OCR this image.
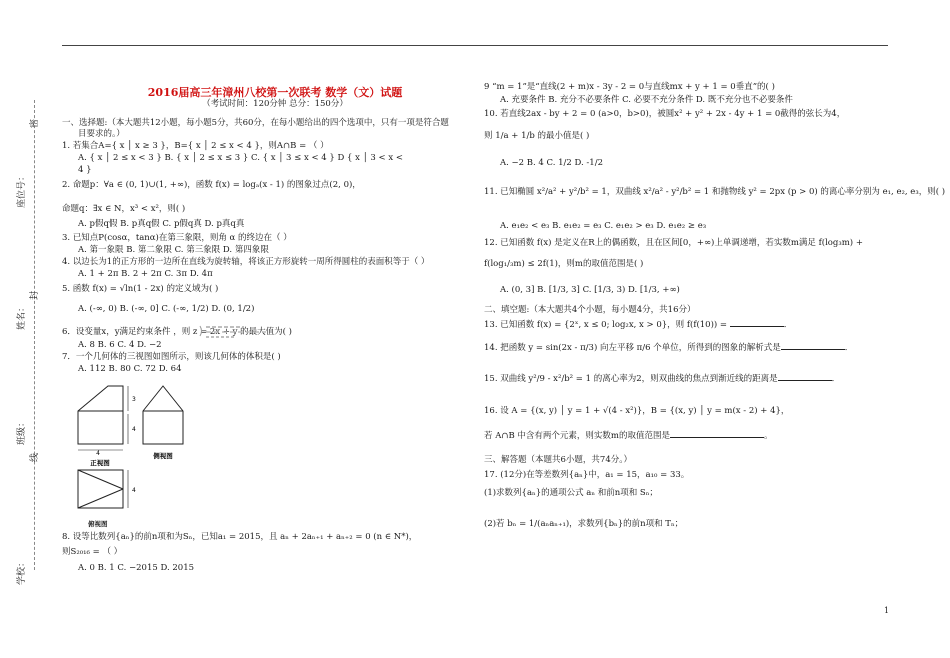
座位号：
姓名：
班级：
学校：
密
封
线
2016届高三年漳州八校第一次联考 数学（文）试题
（考试时间：120分钟 总分：150分）
一、选择题:（本大题共12小题，每小题5分，共60分，在每小题给出的四个选项中，只有一项是符合题
目要求的。）
1. 若集合A={ x │ x ≥ 3 }，B={ x │ 2 ≤ x < 4 }，则A∩B = （ ）
A. { x │ 2 ≤ x < 3 } B. { x │ 2 ≤ x ≤ 3 } C. { x │ 3 ≤ x < 4 } D { x │ 3 < x <
4 }
2. 命题p：∀a ∈ (0, 1)∪(1, +∞)，函数 f(x) = logₐ(x - 1) 的图象过点(2, 0)，
命题q：∃x ∈ N，x³ < x²，则( )
A. p假q假 B. p真q假 C. p假q真 D. p真q真
3. 已知点P(cosα，tanα)在第三象限，则角 α 的终边在（ ）
A. 第一象限 B. 第二象限 C. 第三象限 D. 第四象限
4. 以边长为1的正方形的一边所在直线为旋转轴，将该正方形旋转一周所得圆柱的表面积等于（ ）
A. 1 + 2π B. 2 + 2π C. 3π D. 4π
5. 函数 f(x) = √ln(1 - 2x) 的定义域为( )
A. (-∞, 0) B. (-∞, 0] C. (-∞, 1/2) D. (0, 1/2)
6．设变量x，y满足约束条件 ，则 z = 2x + y 的最大值为( )
A. 8 B. 6 C. 4 D. −2
7．一个几何体的三视图如图所示，则该几何体的体积是( )
A. 112 B. 80 C. 72 D. 64
4
3
4
正视图
侧视图
4
俯视图
8. 设等比数列{aₙ}的前n项和为Sₙ，已知a₁ = 2015，且 aₙ + 2aₙ₊₁ + aₙ₊₂ = 0 (n ∈ N*)，
则S₂₀₁₆ = （ ）
A. 0 B. 1 C. −2015 D. 2015
9 “m = 1”是“直线(2 + m)x - 3y - 2 = 0与直线mx + y + 1 = 0垂直”的( )
A. 充要条件 B. 充分不必要条件 C. 必要不充分条件 D. 既不充分也不必要条件
10. 若直线2ax - by + 2 = 0 (a>0，b>0)，被圆x² + y² + 2x - 4y + 1 = 0截得的弦长为4，
则 1/a + 1/b 的最小值是( )
A. −2 B. 4 C. 1/2 D. -1/2
11. 已知椭圆 x²/a² + y²/b² = 1，双曲线 x²/a² - y²/b² = 1 和抛物线 y² = 2px (p > 0) 的离心率分别为 e₁, e₂, e₃，则( )
A. e₁e₂ < e₃ B. e₁e₂ = e₃ C. e₁e₂ > e₃ D. e₁e₂ ≥ e₃
12. 已知函数 f(x) 是定义在R上的偶函数，且在区间[0，+∞)上单调递增，若实数m满足 f(log₃m) +
f(log₁/₃m) ≤ 2f(1)，则m的取值范围是( )
A. (0, 3] B. [1/3, 3] C. [1/3, 3) D. [1/3, +∞)
二、填空题:（本大题共4个小题，每小题4分，共16分）
13. 已知函数 f(x) = {2ˣ, x ≤ 0; log₂x, x > 0}，则 f(f(10)) =	．
14. 把函数 y = sin(2x - π/3) 向左平移 π/6 个单位，所得到的图象的解析式是	．
15. 双曲线 y²/9 - x²/b² = 1 的离心率为2，则双曲线的焦点到渐近线的距离是	．
16. 设 A = {(x, y) │ y = 1 + √(4 - x²)}，B = {(x, y) │ y = m(x - 2) + 4}，
若 A∩B 中含有两个元素，则实数m的取值范围是	。
三、解答题（本题共6小题，共74分。）
17. (12分)在等差数列{aₙ}中，a₁ = 15，a₁₀ = 33。
(1)求数列{aₙ}的通项公式 aₙ 和前n项和 Sₙ；
(2)若 bₙ = 1/(aₙaₙ₊₁)，求数列{bₙ}的前n项和 Tₙ；
1
